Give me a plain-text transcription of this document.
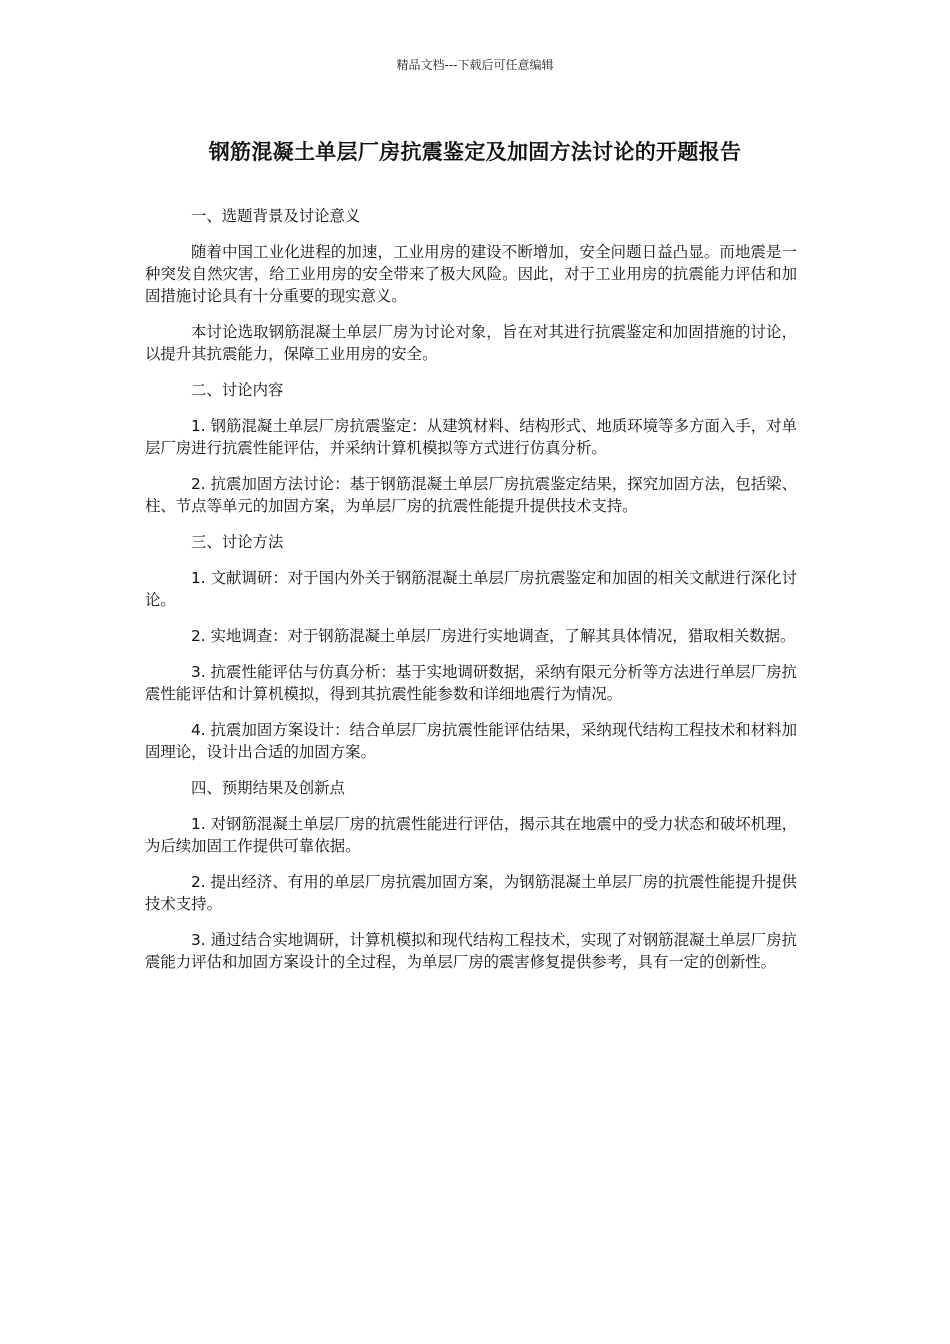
精品文档---下载后可任意编辑
钢筋混凝土单层厂房抗震鉴定及加固方法讨论的开题报告

一、选题背景及讨论意义

随着中国工业化进程的加速，工业用房的建设不断增加，安全问题日益凸显。而地震是一种突发自然灾害，给工业用房的安全带来了极大风险。因此，对于工业用房的抗震能力评估和加固措施讨论具有十分重要的现实意义。

本讨论选取钢筋混凝土单层厂房为讨论对象，旨在对其进行抗震鉴定和加固措施的讨论，以提升其抗震能力，保障工业用房的安全。

二、讨论内容

1. 钢筋混凝土单层厂房抗震鉴定：从建筑材料、结构形式、地质环境等多方面入手，对单层厂房进行抗震性能评估，并采纳计算机模拟等方式进行仿真分析。

2. 抗震加固方法讨论：基于钢筋混凝土单层厂房抗震鉴定结果，探究加固方法，包括梁、柱、节点等单元的加固方案，为单层厂房的抗震性能提升提供技术支持。

三、讨论方法

1. 文献调研：对于国内外关于钢筋混凝土单层厂房抗震鉴定和加固的相关文献进行深化讨论。

2. 实地调查：对于钢筋混凝土单层厂房进行实地调查，了解其具体情况，猎取相关数据。

3. 抗震性能评估与仿真分析：基于实地调研数据，采纳有限元分析等方法进行单层厂房抗震性能评估和计算机模拟，得到其抗震性能参数和详细地震行为情况。

4. 抗震加固方案设计：结合单层厂房抗震性能评估结果，采纳现代结构工程技术和材料加固理论，设计出合适的加固方案。

四、预期结果及创新点

1. 对钢筋混凝土单层厂房的抗震性能进行评估，揭示其在地震中的受力状态和破坏机理，为后续加固工作提供可靠依据。

2. 提出经济、有用的单层厂房抗震加固方案，为钢筋混凝土单层厂房的抗震性能提升提供技术支持。

3. 通过结合实地调研，计算机模拟和现代结构工程技术，实现了对钢筋混凝土单层厂房抗震能力评估和加固方案设计的全过程，为单层厂房的震害修复提供参考，具有一定的创新性。
